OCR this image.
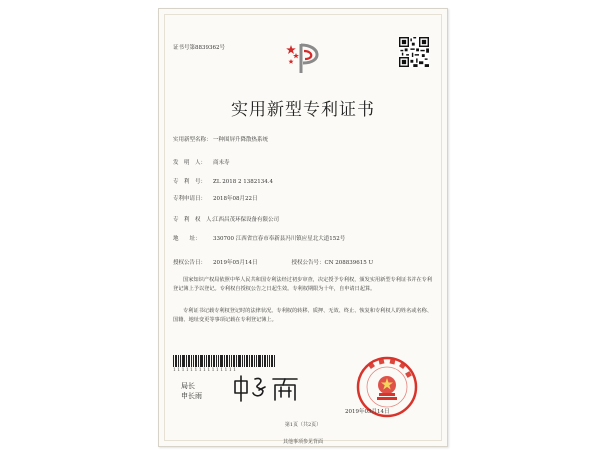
证书号第8839362号
实用新型专利证书
实用新型名称：一种围屏升降散热系统
发　明　人： 商未寿
专　利　号： ZL 2018 2 1382134.4
专利申请日： 2018年08月22日
专　利　权　人：江西昌茂环保设备有限公司
地　　址： 330700 江西省宜春市奉新县冯川镇应星北大道152号
授权公告日： 2019年05月14日	授权公告号：CN 208839615 U
国家知识产权局依照中华人民共和国专利法经过初步审查，决定授予专利权，颁发实用新型专利证书并在专利登记簿上予以登记。专利权自授权公告之日起生效。专利权期限为十年，自申请日起算。
专利证书记载专利权登记时的法律状况。专利权的转移、质押、无效、终止、恢复和专利权人的姓名或名称、国籍、地址变更等事项记载在专利登记簿上。
1 1 1 1 1 1 1 1 1 1 1 1 1 1 1
局长
申长雨
2019年05月14日
第1页（共2页）
其他事项参见背面
